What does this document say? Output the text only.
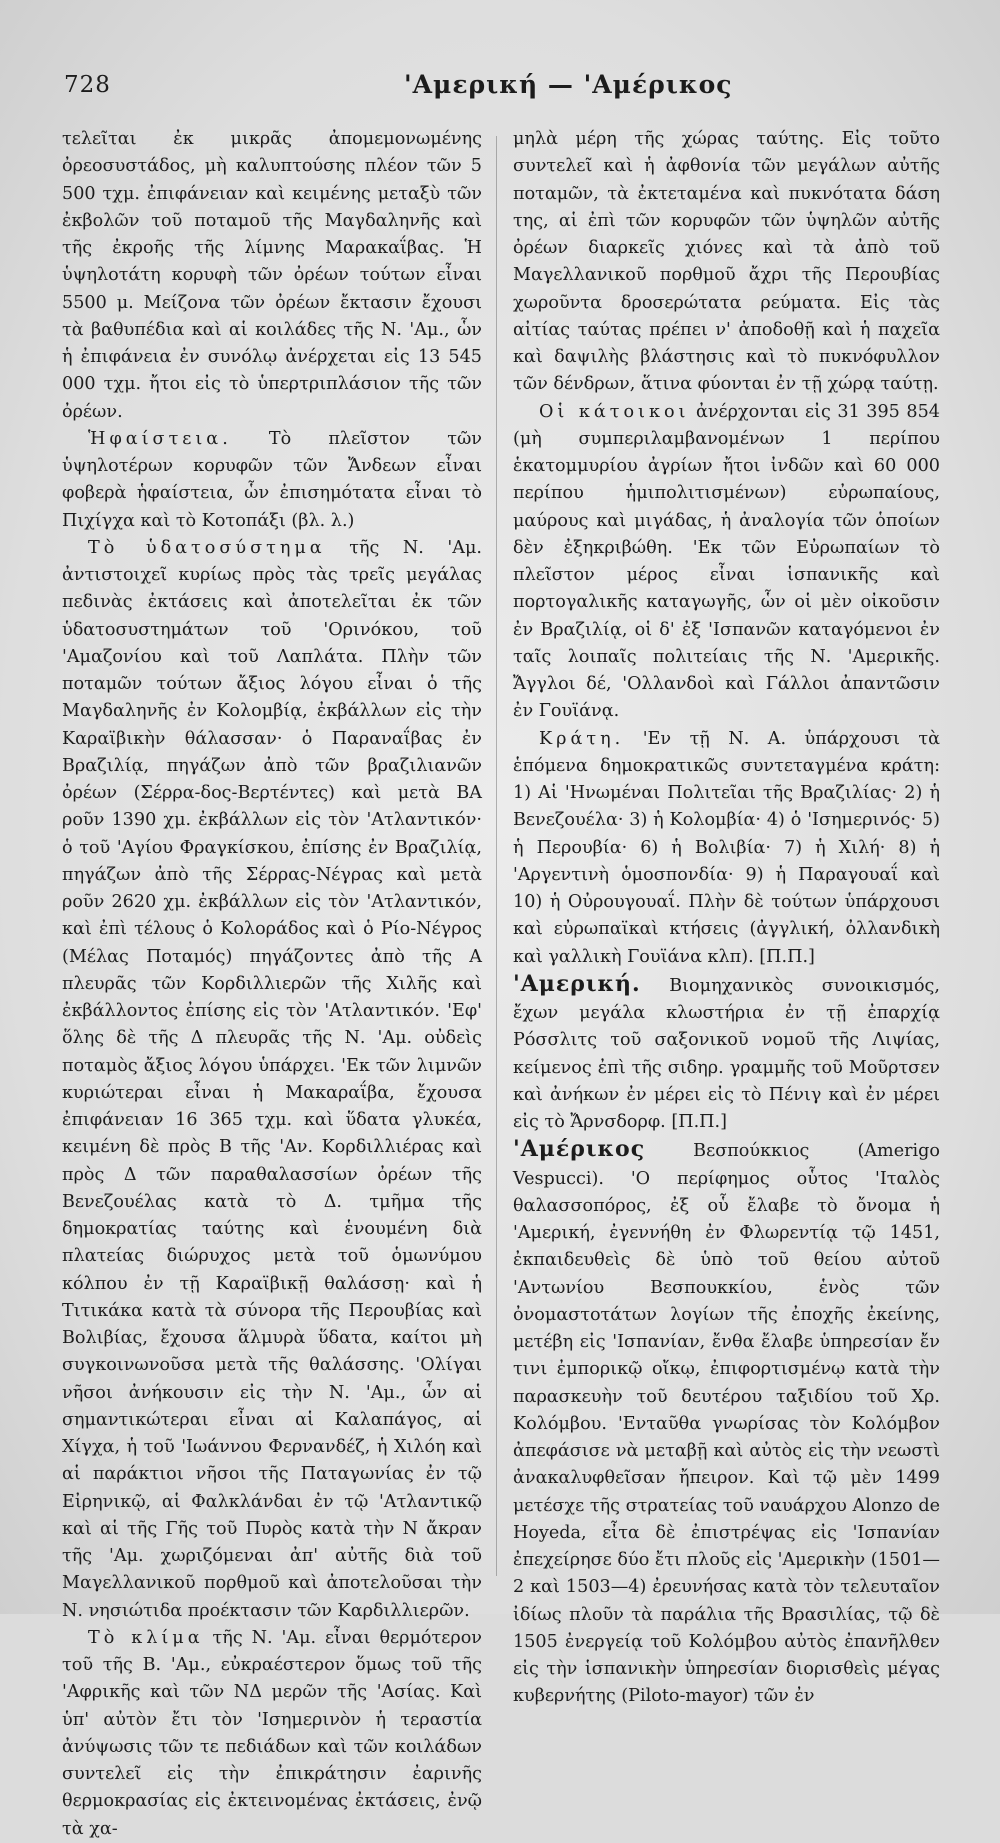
728	'Αμερική — 'Αμέρικος

τελεῖται ἐκ μικρᾶς ἀπομεμονωμένης ὀρεοσυστάδος, μὴ καλυπτούσης πλέον τῶν 5 500 τχμ. ἐπιφάνειαν καὶ κειμένης μεταξὺ τῶν ἐκβολῶν τοῦ ποταμοῦ τῆς Μαγδαληνῆς καὶ τῆς ἐκροῆς τῆς λίμνης Μαρακαΐβας. Ἡ ὑψηλοτάτη κορυφὴ τῶν ὀρέων τούτων εἶναι 5500 μ. Μείζονα τῶν ὀρέων ἔκτασιν ἔχουσι τὰ βαθυπέδια καὶ αἱ κοιλάδες τῆς Ν. 'Αμ., ὧν ἡ ἐπιφάνεια ἐν συνόλῳ ἀνέρχεται εἰς 13 545 000 τχμ. ἤτοι εἰς τὸ ὑπερτριπλάσιον τῆς τῶν ὀρέων.

Ἡφαίστεια. Τὸ πλεῖστον τῶν ὑψηλοτέρων κορυφῶν τῶν Ἄνδεων εἶναι φοβερὰ ἡφαίστεια, ὧν ἐπισημότατα εἶναι τὸ Πιχίγχα καὶ τὸ Κοτοπάξι (βλ. λ.)

Τὸ ὑδατοσύστημα τῆς Ν. 'Αμ. ἀντιστοιχεῖ κυρίως πρὸς τὰς τρεῖς μεγάλας πεδινὰς ἐκτάσεις καὶ ἀποτελεῖται ἐκ τῶν ὑδατοσυστημάτων τοῦ 'Ορινόκου, τοῦ 'Αμαζονίου καὶ τοῦ Λαπλάτα. Πλὴν τῶν ποταμῶν τούτων ἄξιος λόγου εἶναι ὁ τῆς Μαγδαληνῆς ἐν Κολομβίᾳ, ἐκβάλλων εἰς τὴν Καραϊβικὴν θάλασσαν· ὁ Παραναΐβας ἐν Βραζιλίᾳ, πηγάζων ἀπὸ τῶν βραζιλιανῶν ὀρέων (Σέρρα-δος-Βερτέντες) καὶ μετὰ ΒΑ ροῦν 1390 χμ. ἐκβάλλων εἰς τὸν 'Ατλαντικόν· ὁ τοῦ 'Αγίου Φραγκίσκου, ἐπίσης ἐν Βραζιλίᾳ, πηγάζων ἀπὸ τῆς Σέρρας-Νέγρας καὶ μετὰ ροῦν 2620 χμ. ἐκβάλλων εἰς τὸν 'Ατλαντικόν, καὶ ἐπὶ τέλους ὁ Κολοράδος καὶ ὁ Ρίο-Νέγρος (Μέλας Ποταμός) πηγάζοντες ἀπὸ τῆς Α πλευρᾶς τῶν Κορδιλλιερῶν τῆς Χιλῆς καὶ ἐκβάλλοντος ἐπίσης εἰς τὸν 'Ατλαντικόν. 'Εφ' ὅλης δὲ τῆς Δ πλευρᾶς τῆς Ν. 'Αμ. οὐδεὶς ποταμὸς ἄξιος λόγου ὑπάρχει. 'Εκ τῶν λιμνῶν κυριώτεραι εἶναι ἡ Μακαραΐβα, ἔχουσα ἐπιφάνειαν 16 365 τχμ. καὶ ὕδατα γλυκέα, κειμένη δὲ πρὸς Β τῆς 'Αν. Κορδιλλιέρας καὶ πρὸς Δ τῶν παραθαλασσίων ὀρέων τῆς Βενεζουέλας κατὰ τὸ Δ. τμῆμα τῆς δημοκρατίας ταύτης καὶ ἑνουμένη διὰ πλατείας διώρυχος μετὰ τοῦ ὁμωνύμου κόλπου ἐν τῇ Καραϊβικῇ θαλάσσῃ· καὶ ἡ Τιτικάκα κατὰ τὰ σύνορα τῆς Περουβίας καὶ Βολιβίας, ἔχουσα ἅλμυρὰ ὕδατα, καίτοι μὴ συγκοινωνοῦσα μετὰ τῆς θαλάσσης. 'Ολίγαι νῆσοι ἀνήκουσιν εἰς τὴν Ν. 'Αμ., ὧν αἱ σημαντικώτεραι εἶναι αἱ Καλαπάγος, αἱ Χίγχα, ἡ τοῦ 'Ιωάννου Φερνανδέζ, ἡ Χιλόη καὶ αἱ παράκτιοι νῆσοι τῆς Παταγωνίας ἐν τῷ Εἰρηνικῷ, αἱ Φαλκλάνδαι ἐν τῷ 'Ατλαντικῷ καὶ αἱ τῆς Γῆς τοῦ Πυρὸς κατὰ τὴν Ν ἄκραν τῆς 'Αμ. χωριζόμεναι ἀπ' αὐτῆς διὰ τοῦ Μαγελλανικοῦ πορθμοῦ καὶ ἀποτελοῦσαι τὴν Ν. νησιώτιδα προέκτασιν τῶν Καρδιλλιερῶν.

Τὸ κλίμα τῆς Ν. 'Αμ. εἶναι θερμότερον τοῦ τῆς Β. 'Αμ., εὐκραέστερον ὅμως τοῦ τῆς 'Αφρικῆς καὶ τῶν ΝΔ μερῶν τῆς 'Ασίας. Καὶ ὑπ' αὐτὸν ἔτι τὸν 'Ισημερινὸν ἡ τεραστία ἀνύψωσις τῶν τε πεδιάδων καὶ τῶν κοιλάδων συντελεῖ εἰς τὴν ἐπικράτησιν ἐαρινῆς θερμοκρασίας εἰς ἐκτεινομένας ἐκτάσεις, ἐνῷ τὰ χα-

μηλὰ μέρη τῆς χώρας ταύτης. Εἰς τοῦτο συντελεῖ καὶ ἡ ἀφθονία τῶν μεγάλων αὐτῆς ποταμῶν, τὰ ἐκτεταμένα καὶ πυκνότατα δάση της, αἱ ἐπὶ τῶν κορυφῶν τῶν ὑψηλῶν αὐτῆς ὀρέων διαρκεῖς χιόνες καὶ τὰ ἀπὸ τοῦ Μαγελλανικοῦ πορθμοῦ ἄχρι τῆς Περουβίας χωροῦντα δροσερώτατα ρεύματα. Εἰς τὰς αἰτίας ταύτας πρέπει ν' ἀποδοθῇ καὶ ἡ παχεῖα καὶ δαψιλὴς βλάστησις καὶ τὸ πυκνόφυλλον τῶν δένδρων, ἅτινα φύονται ἐν τῇ χώρᾳ ταύτῃ.

Οἱ κάτοικοι ἀνέρχονται εἰς 31 395 854 (μὴ συμπεριλαμβανομένων 1 περίπου ἑκατομμυρίου ἀγρίων ἤτοι ἰνδῶν καὶ 60 000 περίπου ἡμιπολιτισμένων) εὐρωπαίους, μαύρους καὶ μιγάδας, ἡ ἀναλογία τῶν ὁποίων δὲν ἐξηκριβώθη. 'Εκ τῶν Εὐρωπαίων τὸ πλεῖστον μέρος εἶναι ἱσπανικῆς καὶ πορτογαλικῆς καταγωγῆς, ὧν οἱ μὲν οἰκοῦσιν ἐν Βραζιλίᾳ, οἱ δ' ἐξ 'Ισπανῶν καταγόμενοι ἐν ταῖς λοιπαῖς πολιτείαις τῆς Ν. 'Αμερικῆς. Ἄγγλοι δέ, 'Ολλανδοὶ καὶ Γάλλοι ἀπαντῶσιν ἐν Γουϊάνᾳ.

Κράτη. 'Εν τῇ Ν. Α. ὑπάρχουσι τὰ ἑπόμενα δημοκρατικῶς συντεταγμένα κράτη: 1) Αἱ 'Ηνωμέναι Πολιτεῖαι τῆς Βραζιλίας· 2) ἡ Βενεζουέλα· 3) ἡ Κολομβία· 4) ὁ 'Ισημερινός· 5) ἡ Περουβία· 6) ἡ Βολιβία· 7) ἡ Χιλή· 8) ἡ 'Αργεντινὴ ὁμοσπονδία· 9) ἡ Παραγουαΐ καὶ 10) ἡ Οὐρουγουαΐ. Πλὴν δὲ τούτων ὑπάρχουσι καὶ εὐρωπαϊκαὶ κτήσεις (ἀγγλική, ὀλλανδικὴ καὶ γαλλικὴ Γουϊάνα κλπ). [Π.Π.]

'Αμερική. Βιομηχανικὸς συνοικισμός, ἔχων μεγάλα κλωστήρια ἐν τῇ ἐπαρχίᾳ Ρόσσλιτς τοῦ σαξονικοῦ νομοῦ τῆς Λιψίας, κείμενος ἐπὶ τῆς σιδηρ. γραμμῆς τοῦ Μοῦρτσεν καὶ ἀνήκων ἐν μέρει εἰς τὸ Πένιγ καὶ ἐν μέρει εἰς τὸ Ἄρνσδορφ. [Π.Π.]

'Αμέρικος Βεσπούκκιος (Amerigo Vespucci). 'Ο περίφημος οὗτος 'Ιταλὸς θαλασσοπόρος, ἐξ οὗ ἔλαβε τὸ ὄνομα ἡ 'Αμερική, ἐγεννήθη ἐν Φλωρεντίᾳ τῷ 1451, ἐκπαιδευθεὶς δὲ ὑπὸ τοῦ θείου αὐτοῦ 'Αντωνίου Βεσπουκκίου, ἑνὸς τῶν ὀνομαστοτάτων λογίων τῆς ἐποχῆς ἐκείνης, μετέβη εἰς 'Ισπανίαν, ἔνθα ἔλαβε ὑπηρεσίαν ἔν τινι ἐμπορικῷ οἴκῳ, ἐπιφορτισμένῳ κατὰ τὴν παρασκευὴν τοῦ δευτέρου ταξιδίου τοῦ Χρ. Κολόμβου. 'Ενταῦθα γνωρίσας τὸν Κολόμβον ἀπεφάσισε νὰ μεταβῇ καὶ αὐτὸς εἰς τὴν νεωστὶ ἀνακαλυφθεῖσαν ἤπειρον. Καὶ τῷ μὲν 1499 μετέσχε τῆς στρατείας τοῦ ναυάρχου Alonzo de Hoyeda, εἶτα δὲ ἐπιστρέψας εἰς 'Ισπανίαν ἐπεχείρησε δύο ἔτι πλοῦς εἰς 'Αμερικὴν (1501—2 καὶ 1503—4) ἐρευνήσας κατὰ τὸν τελευταῖον ἰδίως πλοῦν τὰ παράλια τῆς Βρασιλίας, τῷ δὲ 1505 ἐνεργείᾳ τοῦ Κολόμβου αὐτὸς ἐπανῆλθεν εἰς τὴν ἱσπανικὴν ὑπηρεσίαν διορισθεὶς μέγας κυβερνήτης (Piloto-mayor) τῶν ἐν
